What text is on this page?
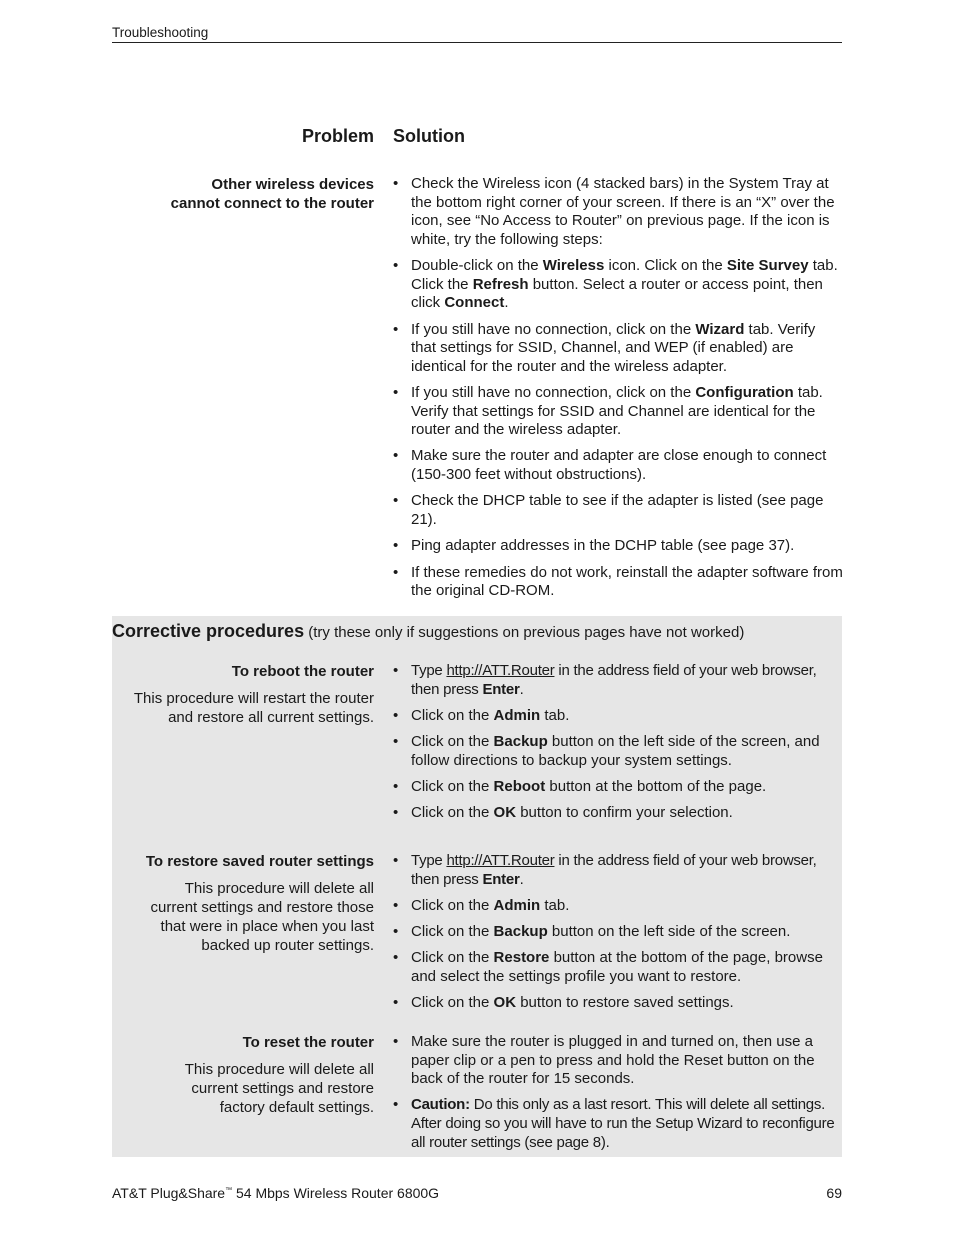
Troubleshooting
Problem Solution
Other wireless devices
cannot connect to the router
• Check the Wireless icon (4 stacked bars) in the System Tray at the bottom right corner of your screen. If there is an “X” over the icon, see “No Access to Router” on previous page. If the icon is white, try the following steps:
• Double-click on the Wireless icon. Click on the Site Survey tab. Click the Refresh button. Select a router or access point, then click Connect.
• If you still have no connection, click on the Wizard tab. Verify that settings for SSID, Channel, and WEP (if enabled) are identical for the router and the wireless adapter.
• If you still have no connection, click on the Configuration tab. Verify that settings for SSID and Channel are identical for the router and the wireless adapter.
• Make sure the router and adapter are close enough to connect (150-300 feet without obstructions).
• Check the DHCP table to see if the adapter is listed (see page 21).
• Ping adapter addresses in the DCHP table (see page 37).
• If these remedies do not work, reinstall the adapter software from the original CD-ROM.
Corrective procedures (try these only if suggestions on previous pages have not worked)
To reboot the router
This procedure will restart the router
and restore all current settings.
• Type http://ATT.Router in the address field of your web browser, then press Enter.
• Click on the Admin tab.
• Click on the Backup button on the left side of the screen, and follow directions to backup your system settings.
• Click on the Reboot button at the bottom of the page.
• Click on the OK button to confirm your selection.
To restore saved router settings
This procedure will delete all
current settings and restore those
that were in place when you last
backed up router settings.
• Type http://ATT.Router in the address field of your web browser, then press Enter.
• Click on the Admin tab.
• Click on the Backup button on the left side of the screen.
• Click on the Restore button at the bottom of the page, browse and select the settings profile you want to restore.
• Click on the OK button to restore saved settings.
To reset the router
This procedure will delete all
current settings and restore
factory default settings.
• Make sure the router is plugged in and turned on, then use a paper clip or a pen to press and hold the Reset button on the back of the router for 15 seconds.
• Caution: Do this only as a last resort. This will delete all settings. After doing so you will have to run the Setup Wizard to reconfigure all router settings (see page 8).
AT&T Plug&Share™ 54 Mbps Wireless Router 6800G	69
